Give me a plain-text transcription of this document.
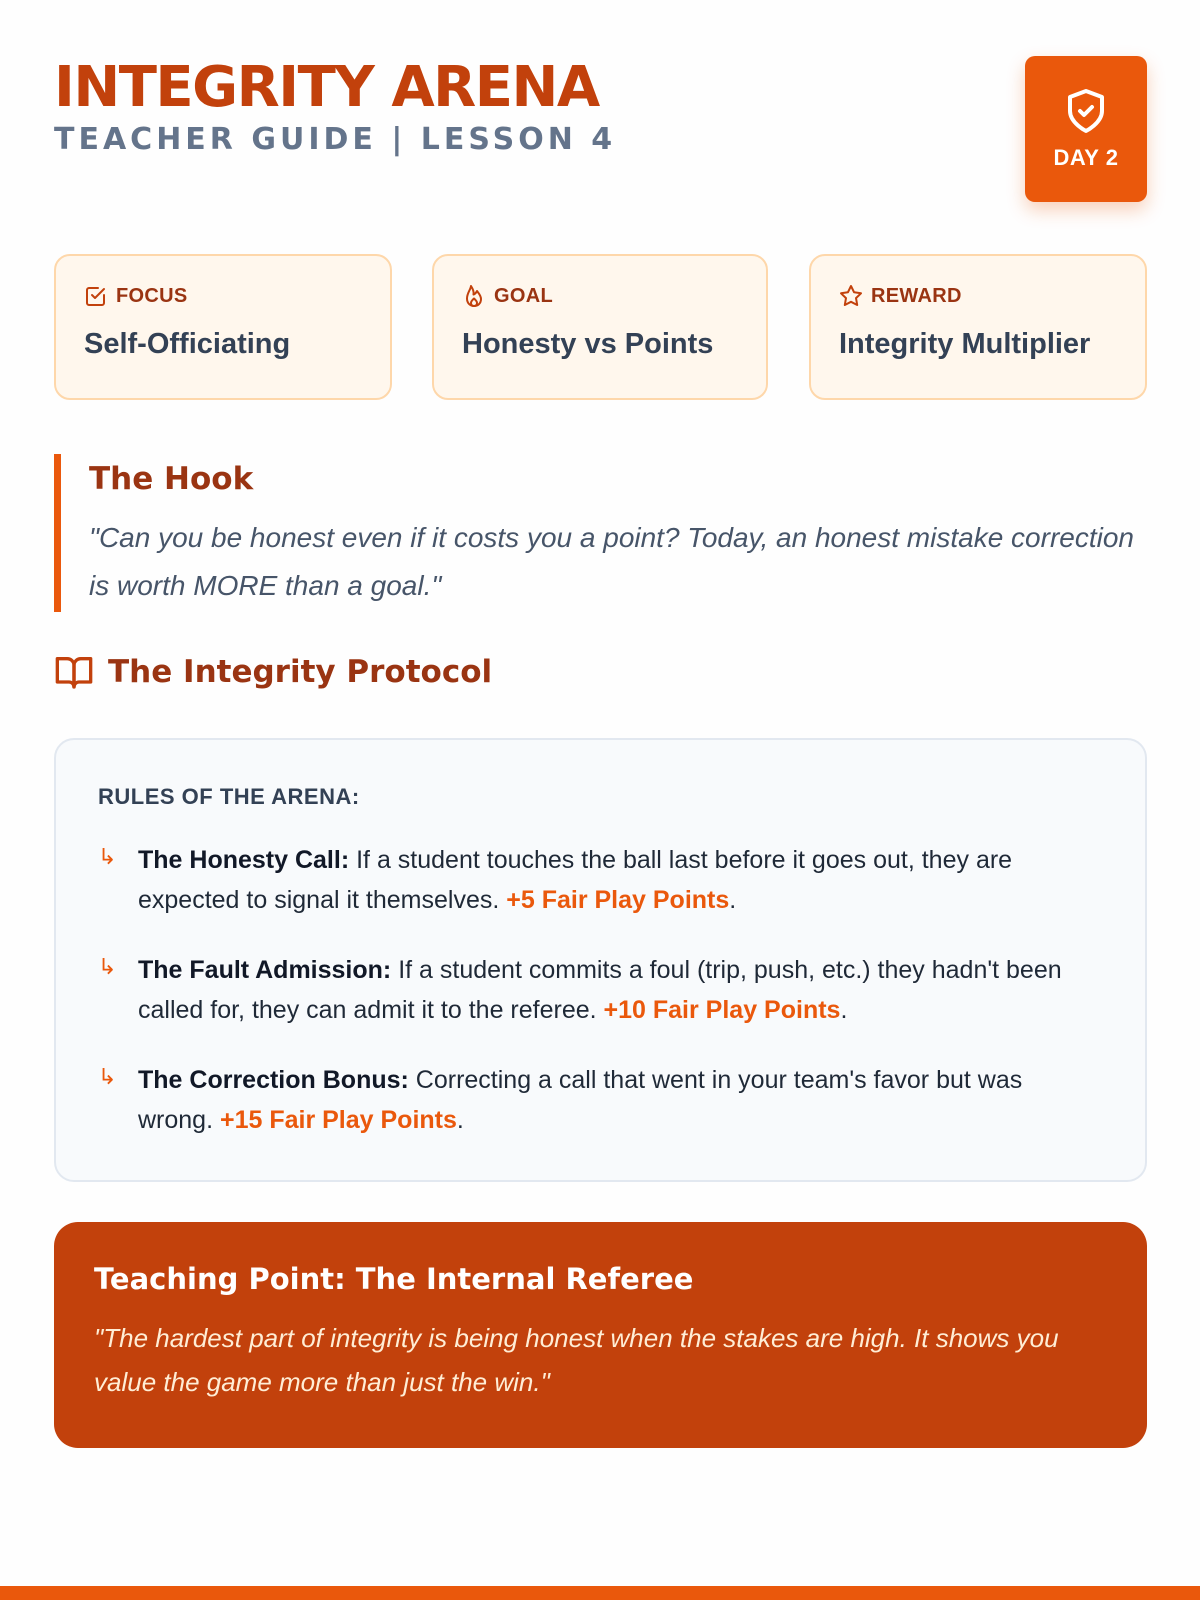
INTEGRITY ARENA
TEACHER GUIDE | LESSON 4
DAY 2
FOCUS
Self-Officiating
GOAL
Honesty vs Points
REWARD
Integrity Multiplier
The Hook
"Can you be honest even if it costs you a point? Today, an honest mistake correction is worth MORE than a goal."
The Integrity Protocol
RULES OF THE ARENA:
↳ The Honesty Call: If a student touches the ball last before it goes out, they are expected to signal it themselves. +5 Fair Play Points.
↳ The Fault Admission: If a student commits a foul (trip, push, etc.) they hadn't been called for, they can admit it to the referee. +10 Fair Play Points.
↳ The Correction Bonus: Correcting a call that went in your team's favor but was wrong. +15 Fair Play Points.
Teaching Point: The Internal Referee
"The hardest part of integrity is being honest when the stakes are high. It shows you value the game more than just the win."
